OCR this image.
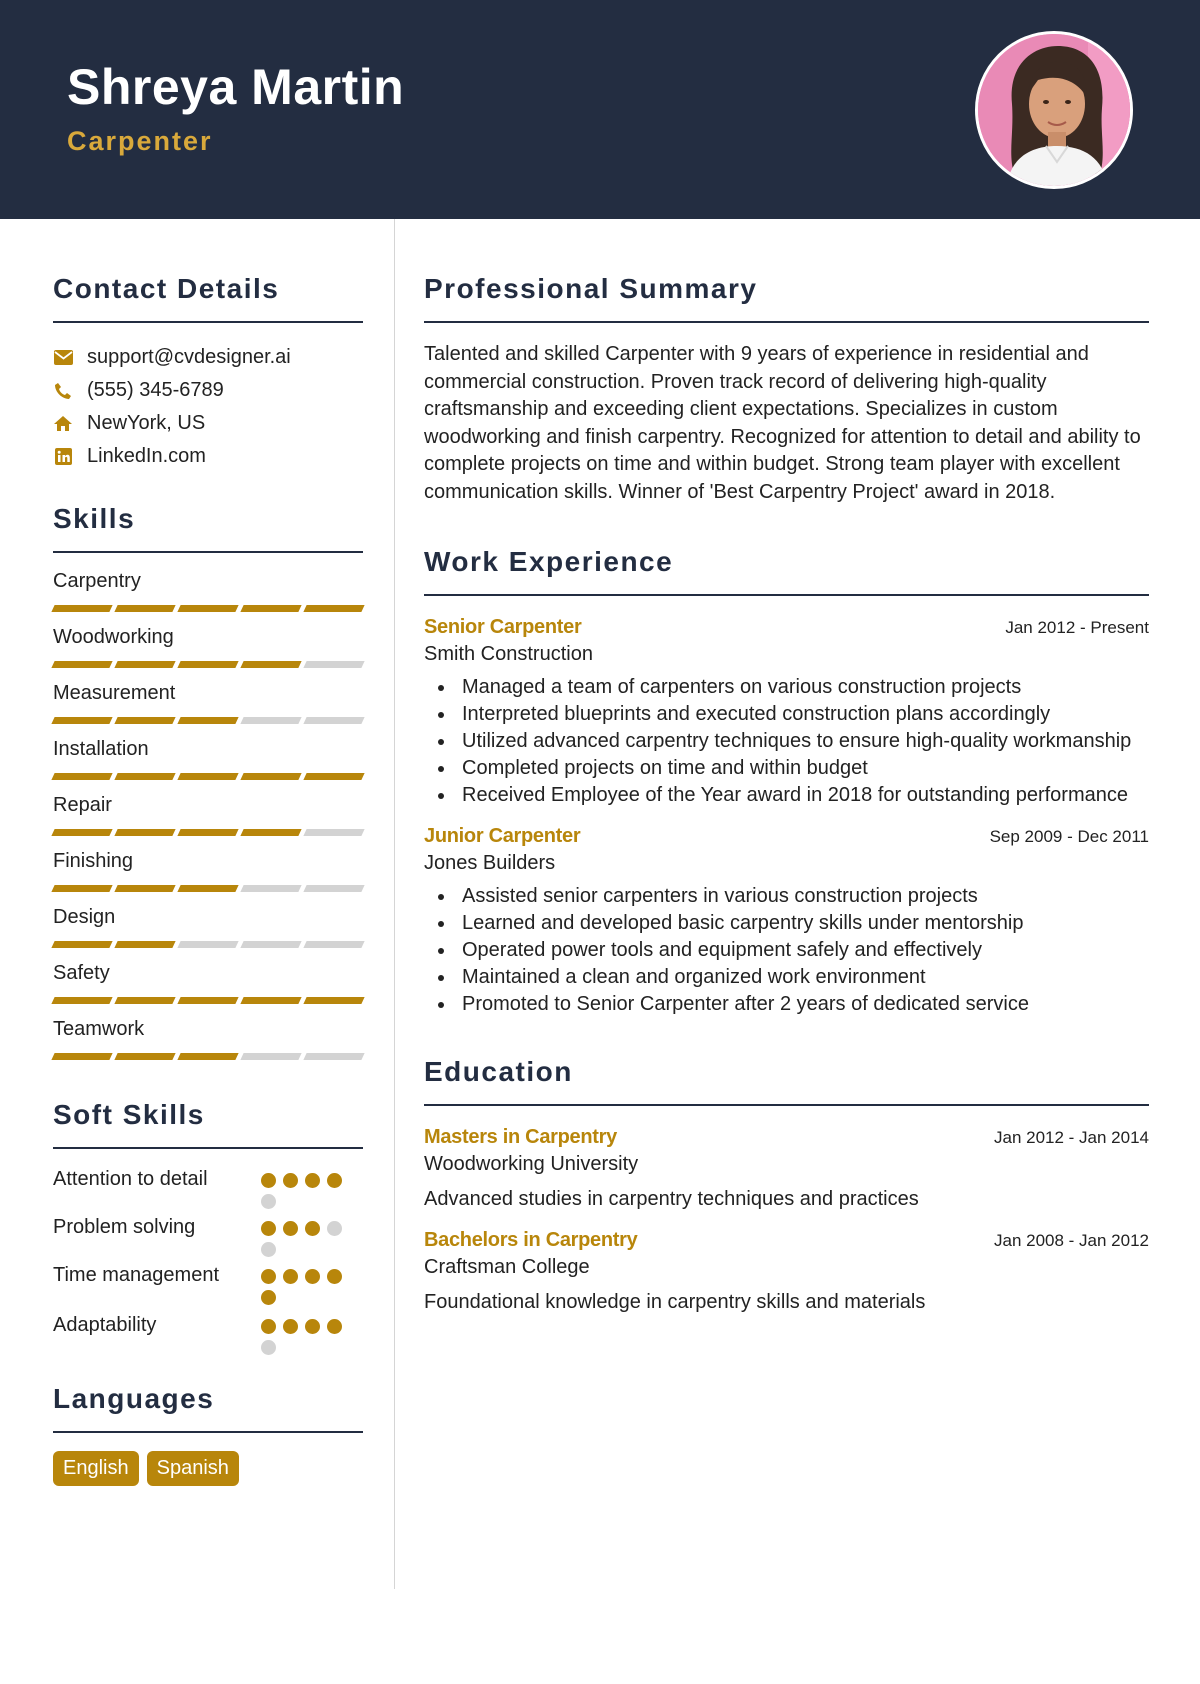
Shreya Martin
Carpenter
Contact Details
support@cvdesigner.ai
(555) 345-6789
NewYork, US
LinkedIn.com
Skills
Carpentry
Woodworking
Measurement
Installation
Repair
Finishing
Design
Safety
Teamwork
Soft Skills
Attention to detail
Problem solving
Time management
Adaptability
Languages
English	Spanish
Professional Summary

Talented and skilled Carpenter with 9 years of experience in residential and commercial construction. Proven track record of delivering high-quality craftsmanship and exceeding client expectations. Specializes in custom woodworking and finish carpentry. Recognized for attention to detail and ability to complete projects on time and within budget. Strong team player with excellent communication skills. Winner of 'Best Carpentry Project' award in 2018.

Work Experience
Senior Carpenter	Jan 2012 - Present
Smith Construction
Managed a team of carpenters on various construction projects
Interpreted blueprints and executed construction plans accordingly
Utilized advanced carpentry techniques to ensure high-quality workmanship
Completed projects on time and within budget
Received Employee of the Year award in 2018 for outstanding performance
Junior Carpenter	Sep 2009 - Dec 2011
Jones Builders
Assisted senior carpenters in various construction projects
Learned and developed basic carpentry skills under mentorship
Operated power tools and equipment safely and effectively
Maintained a clean and organized work environment
Promoted to Senior Carpenter after 2 years of dedicated service
Education
Masters in Carpentry	Jan 2012 - Jan 2014
Woodworking University
Advanced studies in carpentry techniques and practices
Bachelors in Carpentry	Jan 2008 - Jan 2012
Craftsman College
Foundational knowledge in carpentry skills and materials
